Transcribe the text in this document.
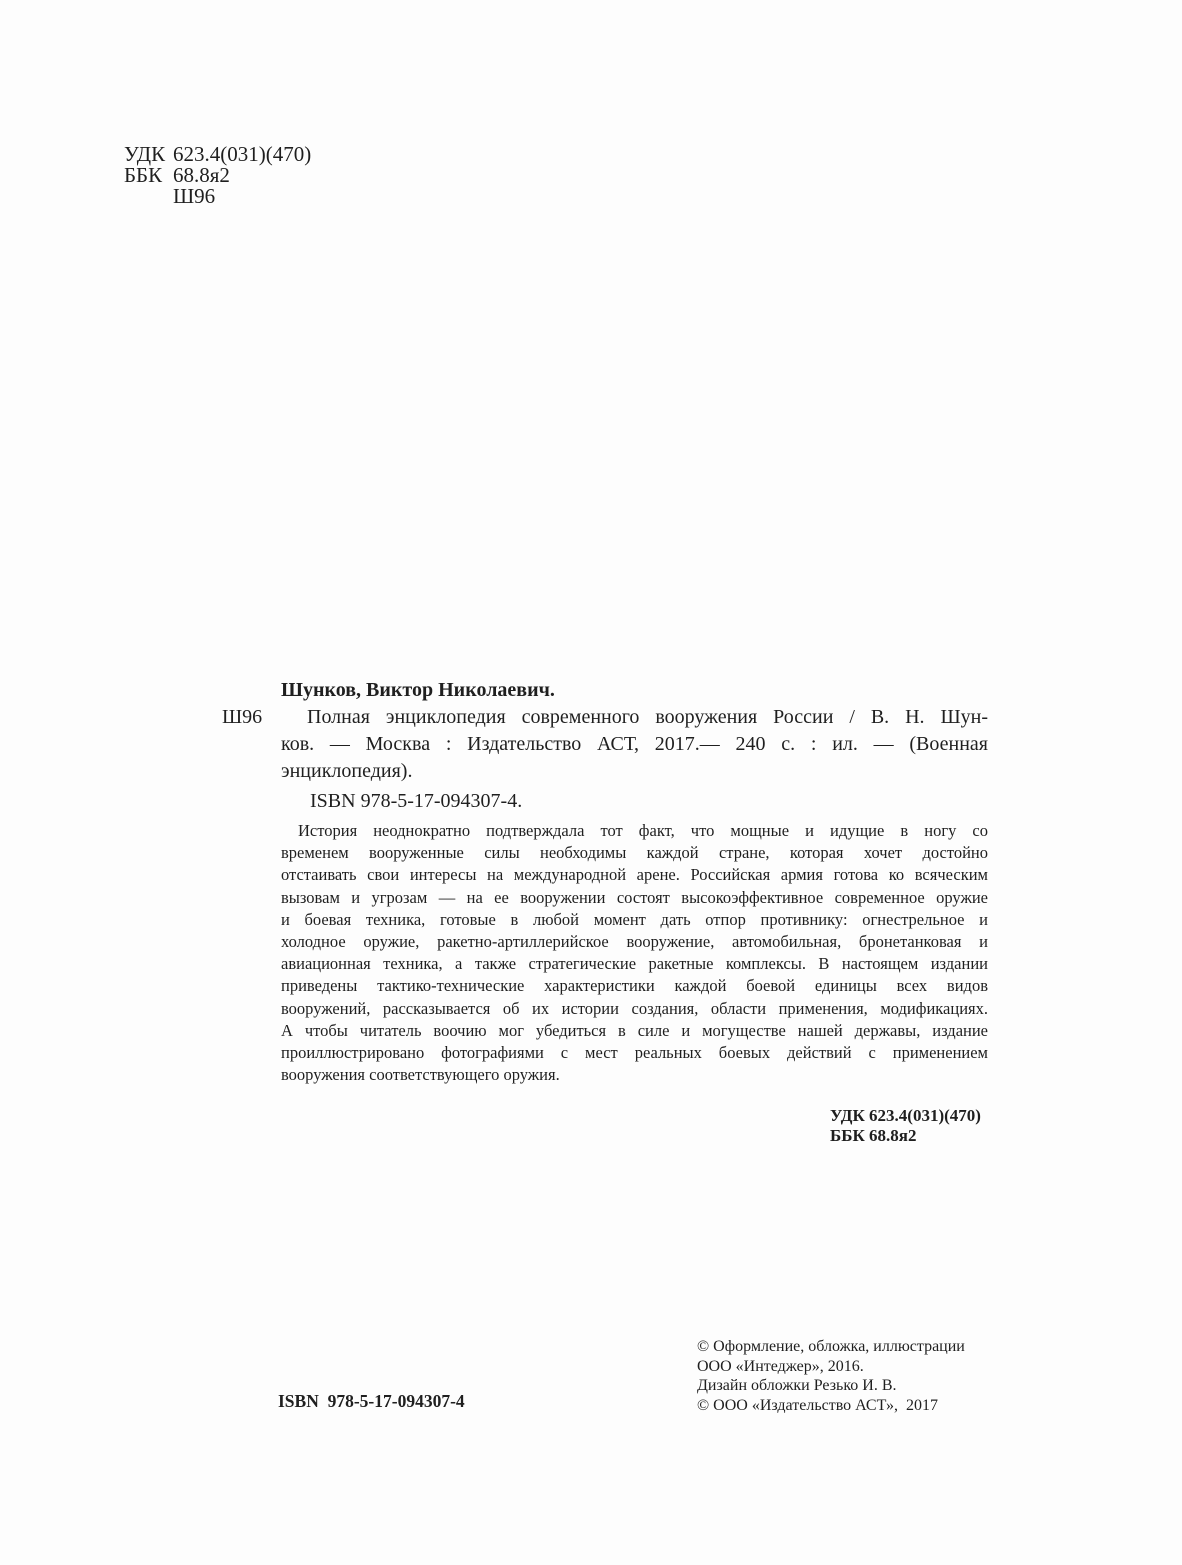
УДК 623.4(031)(470)
ББК 68.8я2
Ш96
Шунков, Виктор Николаевич.
Ш96	Полная энциклопедия современного вооружения России / В. Н. Шун-
ков. — Москва : Издательство АСТ, 2017.— 240 с. : ил. — (Военная
энциклопедия).
ISBN 978-5-17-094307-4.
История неоднократно подтверждала тот факт, что мощные и идущие в ногу со
временем вооруженные силы необходимы каждой стране, которая хочет достойно
отстаивать свои интересы на международной арене. Российская армия готова ко всяческим
вызовам и угрозам — на ее вооружении состоят высокоэффективное современное оружие
и боевая техника, готовые в любой момент дать отпор противнику: огнестрельное и
холодное оружие, ракетно-артиллерийское вооружение, автомобильная, бронетанковая и
авиационная техника, а также стратегические ракетные комплексы. В настоящем издании
приведены тактико-технические характеристики каждой боевой единицы всех видов
вооружений, рассказывается об их истории создания, области применения, модификациях.
А чтобы читатель воочию мог убедиться в силе и могуществе нашей державы, издание
проиллюстрировано фотографиями с мест реальных боевых действий с применением
вооружения соответствующего оружия.
УДК 623.4(031)(470)
ББК 68.8я2
© Оформление, обложка, иллюстрации
ООО «Интеджер», 2016.
Дизайн обложки Резько И. В.
© ООО «Издательство АСТ»,  2017
ISBN  978-5-17-094307-4
